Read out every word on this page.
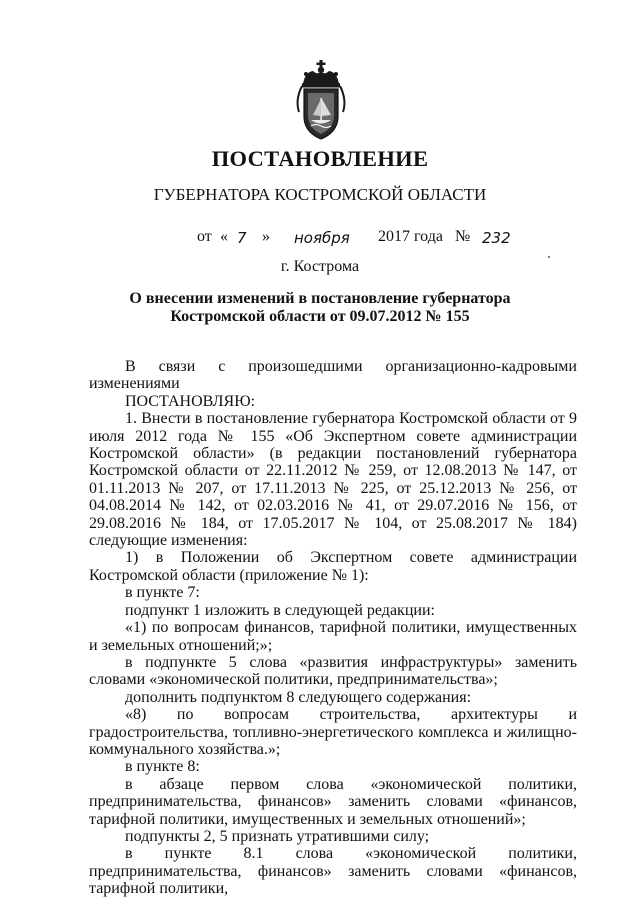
ПОСТАНОВЛЕНИЕ
ГУБЕРНАТОРА КОСТРОМСКОЙ ОБЛАСТИ
от « 7 » ноября 2017 года № 232
г. Кострома
О внесении изменений в постановление губернатора
Костромской области от 09.07.2012 № 155

В связи с произошедшими организационно-кадровыми изменениями

ПОСТАНОВЛЯЮ:

1. Внести в постановление губернатора Костромской области от 9 июля 2012 года № 155 «Об Экспертном совете администрации Костромской области» (в редакции постановлений губернатора Костромской области от 22.11.2012 № 259, от 12.08.2013 № 147, от 01.11.2013 № 207, от 17.11.2013 № 225, от 25.12.2013 № 256, от 04.08.2014 № 142, от 02.03.2016 № 41, от 29.07.2016 № 156, от 29.08.2016 № 184, от 17.05.2017 № 104, от 25.08.2017 № 184) следующие изменения:

1) в Положении об Экспертном совете администрации Костромской области (приложение № 1):

в пункте 7:

подпункт 1 изложить в следующей редакции:

«1) по вопросам финансов, тарифной политики, имущественных и земельных отношений;»;

в подпункте 5 слова «развития инфраструктуры» заменить словами «экономической политики, предпринимательства»;

дополнить подпунктом 8 следующего содержания:

«8) по вопросам строительства, архитектуры и градостроительства, топливно-энергетического комплекса и жилищно-коммунального хозяйства.»;

в пункте 8:

в абзаце первом слова «экономической политики, предпринимательства, финансов» заменить словами «финансов, тарифной политики, имущественных и земельных отношений»;

подпункты 2, 5 признать утратившими силу;

в пункте 8.1 слова «экономической политики, предпринимательства, финансов» заменить словами «финансов, тарифной политики,
